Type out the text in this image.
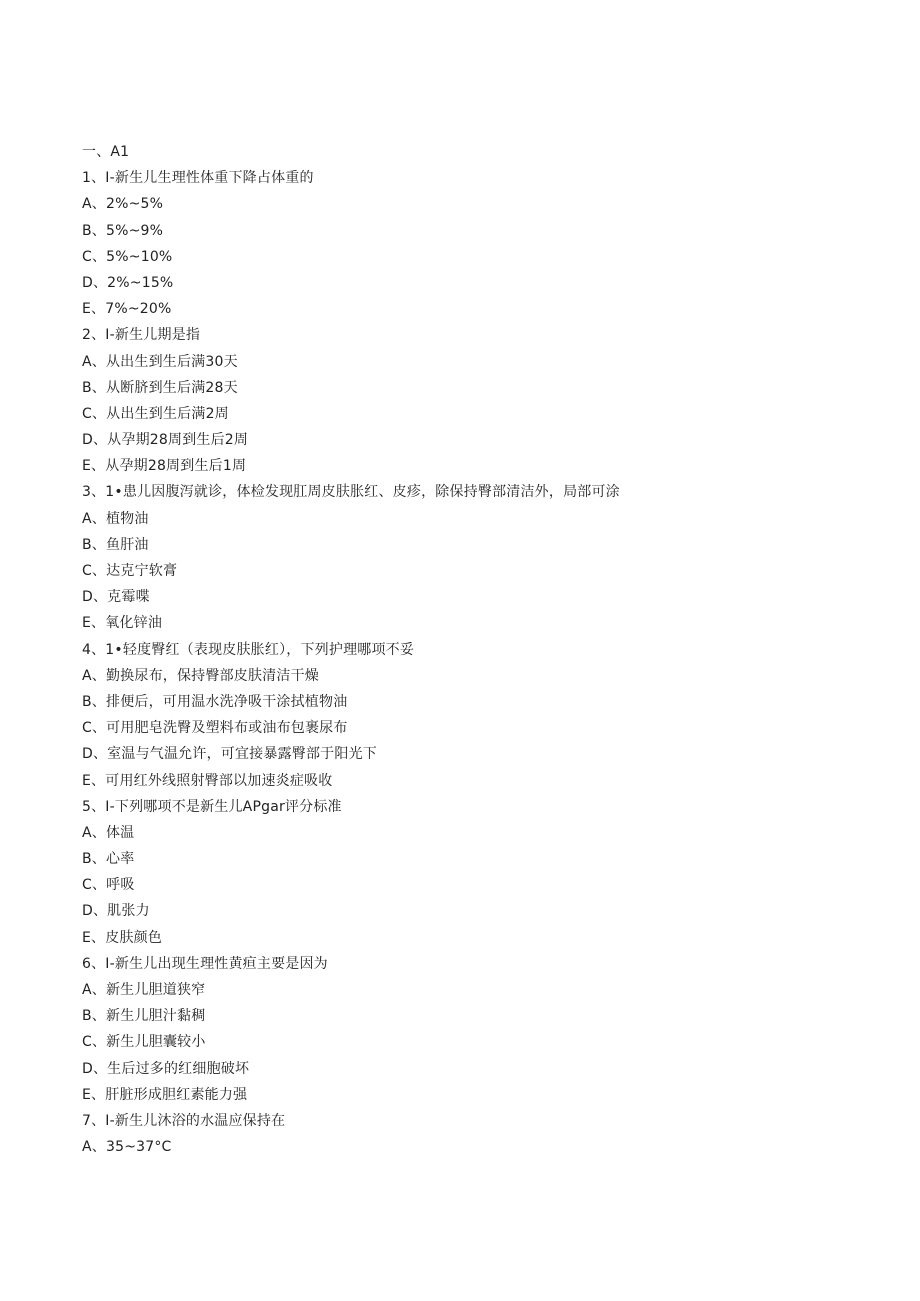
一、A1
1、I-新生儿生理性体重下降占体重的
A、2%~5%
B、5%~9%
C、5%~10%
D、2%~15%
E、7%~20%
2、I-新生儿期是指
A、从出生到生后满30天
B、从断脐到生后满28天
C、从出生到生后满2周
D、从孕期28周到生后2周
E、从孕期28周到生后1周
3、1•患儿因腹泻就诊，体检发现肛周皮肤胀红、皮疹，除保持臀部清洁外，局部可涂
A、植物油
B、鱼肝油
C、达克宁软膏
D、克霉喋
E、氧化锌油
4、1•轻度臀红（表现皮肤胀红），下列护理哪项不妥
A、勤换尿布，保持臀部皮肤清洁干燥
B、排便后，可用温水洗净吸干涂拭植物油
C、可用肥皂洗臀及塑料布或油布包裹尿布
D、室温与气温允许，可宜接暴露臀部于阳光下
E、可用红外线照射臀部以加速炎症吸收
5、I-下列哪项不是新生儿APgar评分标准
A、体温
B、心率
C、呼吸
D、肌张力
E、皮肤颜色
6、I-新生儿出现生理性黄疸主要是因为
A、新生儿胆道狭窄
B、新生儿胆汁黏稠
C、新生儿胆囊较小
D、生后过多的红细胞破坏
E、肝脏形成胆红素能力强
7、I-新生儿沐浴的水温应保持在
A、35~37°C
